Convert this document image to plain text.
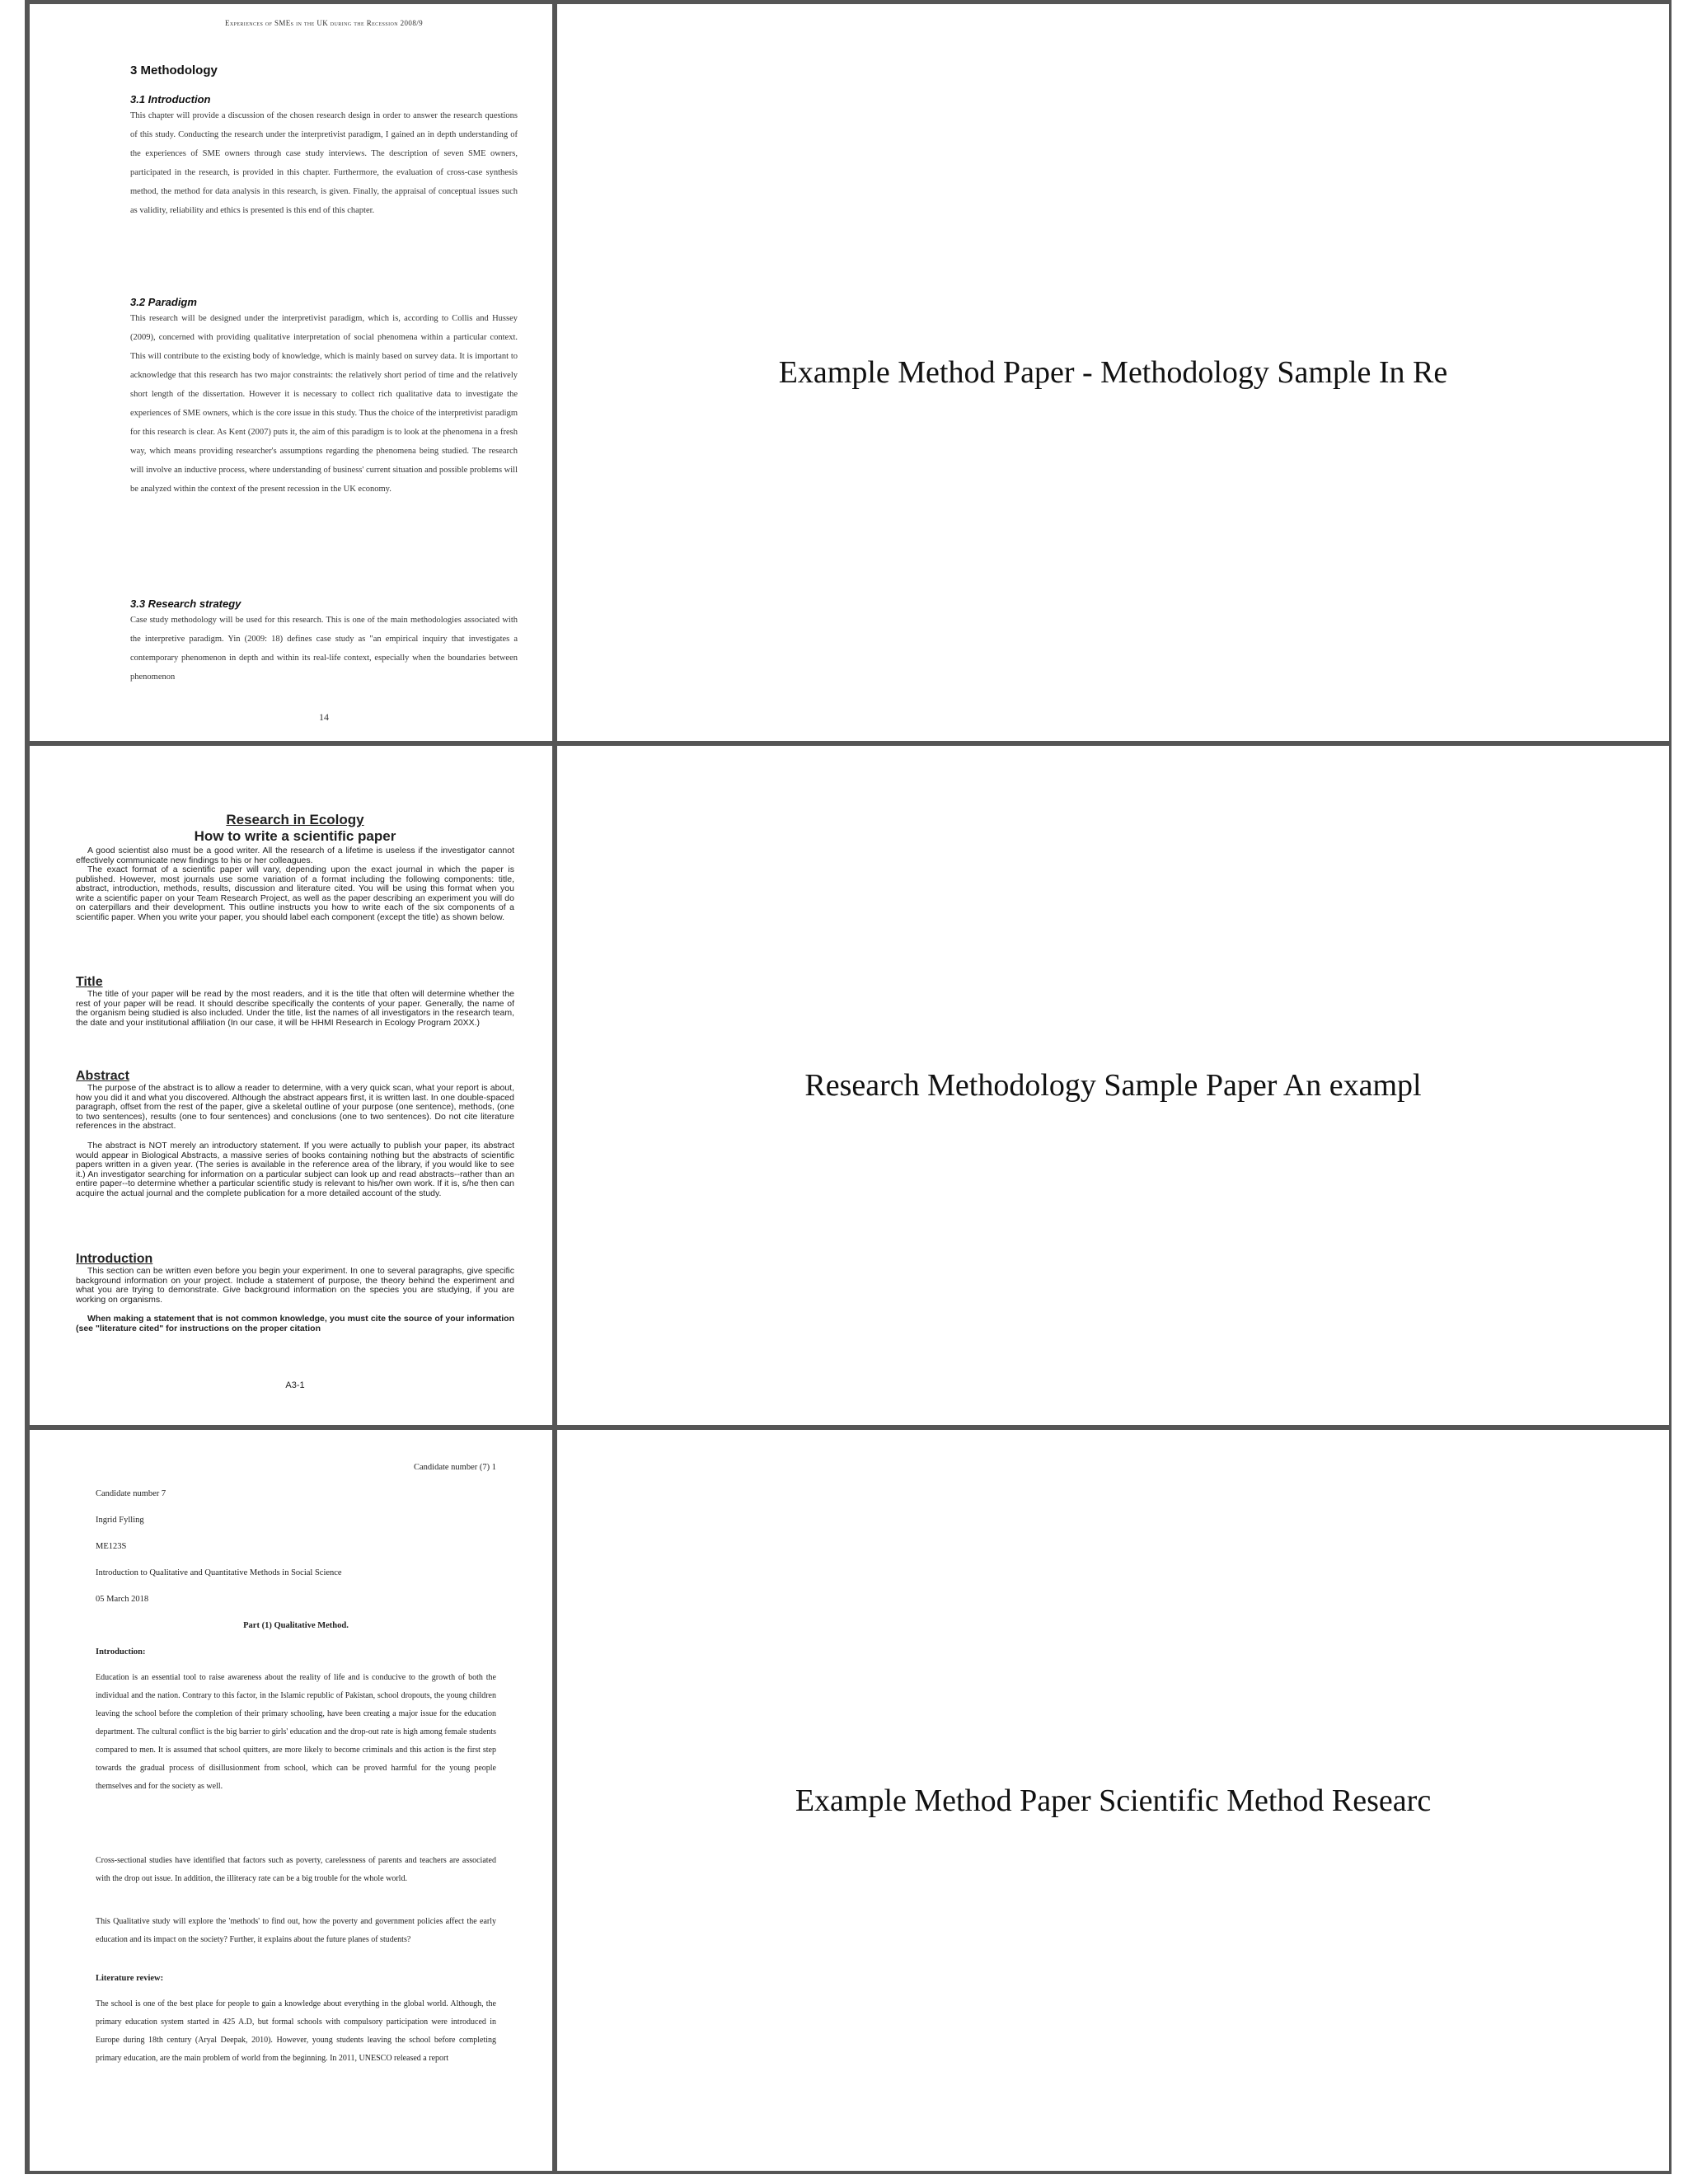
Experiences of SMEs in the UK during the Recession 2008/9
3 Methodology
3.1 Introduction
This chapter will provide a discussion of the chosen research design in order to answer the research questions of this study. Conducting the research under the interpretivist paradigm, I gained an in depth understanding of the experiences of SME owners through case study interviews. The description of seven SME owners, participated in the research, is provided in this chapter. Furthermore, the evaluation of cross-case synthesis method, the method for data analysis in this research, is given. Finally, the appraisal of conceptual issues such as validity, reliability and ethics is presented is this end of this chapter.
3.2 Paradigm
This research will be designed under the interpretivist paradigm, which is, according to Collis and Hussey (2009), concerned with providing qualitative interpretation of social phenomena within a particular context. This will contribute to the existing body of knowledge, which is mainly based on survey data. It is important to acknowledge that this research has two major constraints: the relatively short period of time and the relatively short length of the dissertation. However it is necessary to collect rich qualitative data to investigate the experiences of SME owners, which is the core issue in this study. Thus the choice of the interpretivist paradigm for this research is clear. As Kent (2007) puts it, the aim of this paradigm is to look at the phenomena in a fresh way, which means providing researcher's assumptions regarding the phenomena being studied. The research will involve an inductive process, where understanding of business' current situation and possible problems will be analyzed within the context of the present recession in the UK economy.
3.3 Research strategy
Case study methodology will be used for this research. This is one of the main methodologies associated with the interpretive paradigm. Yin (2009: 18) defines case study as "an empirical inquiry that investigates a contemporary phenomenon in depth and within its real-life context, especially when the boundaries between phenomenon
14
Example Method Paper - Methodology Sample In Re
Research in Ecology
How to write a scientific paper
A good scientist also must be a good writer. All the research of a lifetime is useless if the investigator cannot effectively communicate new findings to his or her colleagues.
The exact format of a scientific paper will vary, depending upon the exact journal in which the paper is published. However, most journals use some variation of a format including the following components: title, abstract, introduction, methods, results, discussion and literature cited. You will be using this format when you write a scientific paper on your Team Research Project, as well as the paper describing an experiment you will do on caterpillars and their development. This outline instructs you how to write each of the six components of a scientific paper. When you write your paper, you should label each component (except the title) as shown below.
Title
The title of your paper will be read by the most readers, and it is the title that often will determine whether the rest of your paper will be read. It should describe specifically the contents of your paper. Generally, the name of the organism being studied is also included. Under the title, list the names of all investigators in the research team, the date and your institutional affiliation (In our case, it will be HHMI Research in Ecology Program 20XX.)
Abstract
The purpose of the abstract is to allow a reader to determine, with a very quick scan, what your report is about, how you did it and what you discovered. Although the abstract appears first, it is written last. In one double-spaced paragraph, offset from the rest of the paper, give a skeletal outline of your purpose (one sentence), methods, (one to two sentences), results (one to four sentences) and conclusions (one to two sentences). Do not cite literature references in the abstract.
The abstract is NOT merely an introductory statement. If you were actually to publish your paper, its abstract would appear in Biological Abstracts, a massive series of books containing nothing but the abstracts of scientific papers written in a given year. (The series is available in the reference area of the library, if you would like to see it.) An investigator searching for information on a particular subject can look up and read abstracts--rather than an entire paper--to determine whether a particular scientific study is relevant to his/her own work. If it is, s/he then can acquire the actual journal and the complete publication for a more detailed account of the study.
Introduction
This section can be written even before you begin your experiment. In one to several paragraphs, give specific background information on your project. Include a statement of purpose, the theory behind the experiment and what you are trying to demonstrate. Give background information on the species you are studying, if you are working on organisms.
When making a statement that is not common knowledge, you must cite the source of your information (see "literature cited" for instructions on the proper citation
A3-1
Research Methodology Sample Paper An exampl
Candidate number (7) 1
Candidate number 7
Ingrid Fylling
ME123S
Introduction to Qualitative and Quantitative Methods in Social Science
05 March 2018
Part (1) Qualitative Method.
Introduction:
Education is an essential tool to raise awareness about the reality of life and is conducive to the growth of both the individual and the nation. Contrary to this factor, in the Islamic republic of Pakistan, school dropouts, the young children leaving the school before the completion of their primary schooling, have been creating a major issue for the education department. The cultural conflict is the big barrier to girls' education and the drop-out rate is high among female students compared to men. It is assumed that school quitters, are more likely to become criminals and this action is the first step towards the gradual process of disillusionment from school, which can be proved harmful for the young people themselves and for the society as well.
Cross-sectional studies have identified that factors such as poverty, carelessness of parents and teachers are associated with the drop out issue. In addition, the illiteracy rate can be a big trouble for the whole world.
This Qualitative study will explore the 'methods' to find out, how the poverty and government policies affect the early education and its impact on the society? Further, it explains about the future planes of students?
Literature review:
The school is one of the best place for people to gain a knowledge about everything in the global world. Although, the primary education system started in 425 A.D, but formal schools with compulsory participation were introduced in Europe during 18th century (Aryal Deepak, 2010). However, young students leaving the school before completing primary education, are the main problem of world from the beginning. In 2011, UNESCO released a report
Example Method Paper Scientific Method Researc
